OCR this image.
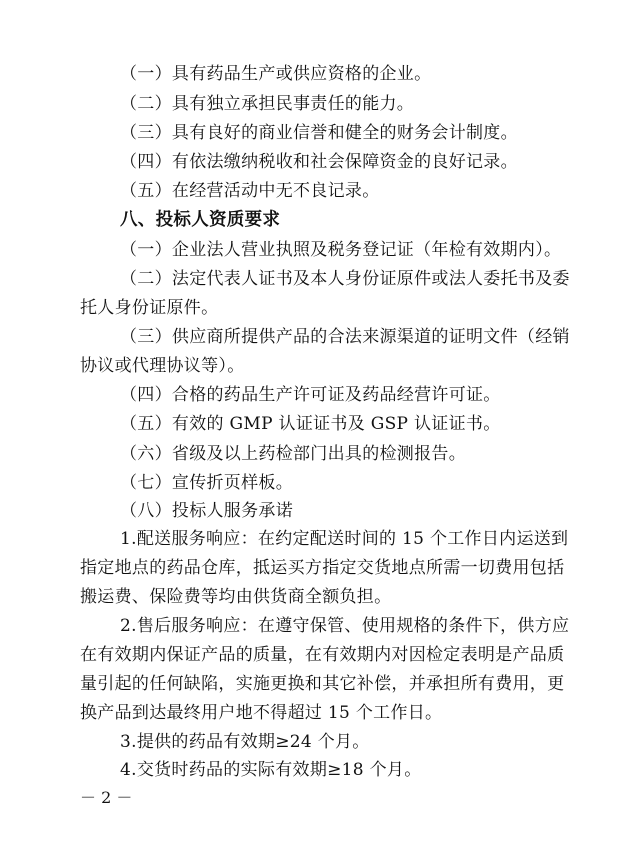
（一）具有药品生产或供应资格的企业。
（二）具有独立承担民事责任的能力。
（三）具有良好的商业信誉和健全的财务会计制度。
（四）有依法缴纳税收和社会保障资金的良好记录。
（五）在经营活动中无不良记录。
八、投标人资质要求
（一）企业法人营业执照及税务登记证（年检有效期内）。
（二）法定代表人证书及本人身份证原件或法人委托书及委
托人身份证原件。
（三）供应商所提供产品的合法来源渠道的证明文件（经销
协议或代理协议等）。
（四）合格的药品生产许可证及药品经营许可证。
（五）有效的 GMP 认证证书及 GSP 认证证书。
（六）省级及以上药检部门出具的检测报告。
（七）宣传折页样板。
（八）投标人服务承诺
1.配送服务响应：在约定配送时间的 15 个工作日内运送到
指定地点的药品仓库，抵运买方指定交货地点所需一切费用包括
搬运费、保险费等均由供货商全额负担。
2.售后服务响应：在遵守保管、使用规格的条件下，供方应
在有效期内保证产品的质量，在有效期内对因检定表明是产品质
量引起的任何缺陷，实施更换和其它补偿，并承担所有费用，更
换产品到达最终用户地不得超过 15 个工作日。
3.提供的药品有效期≥24 个月。
4.交货时药品的实际有效期≥18 个月。
－ 2 －
